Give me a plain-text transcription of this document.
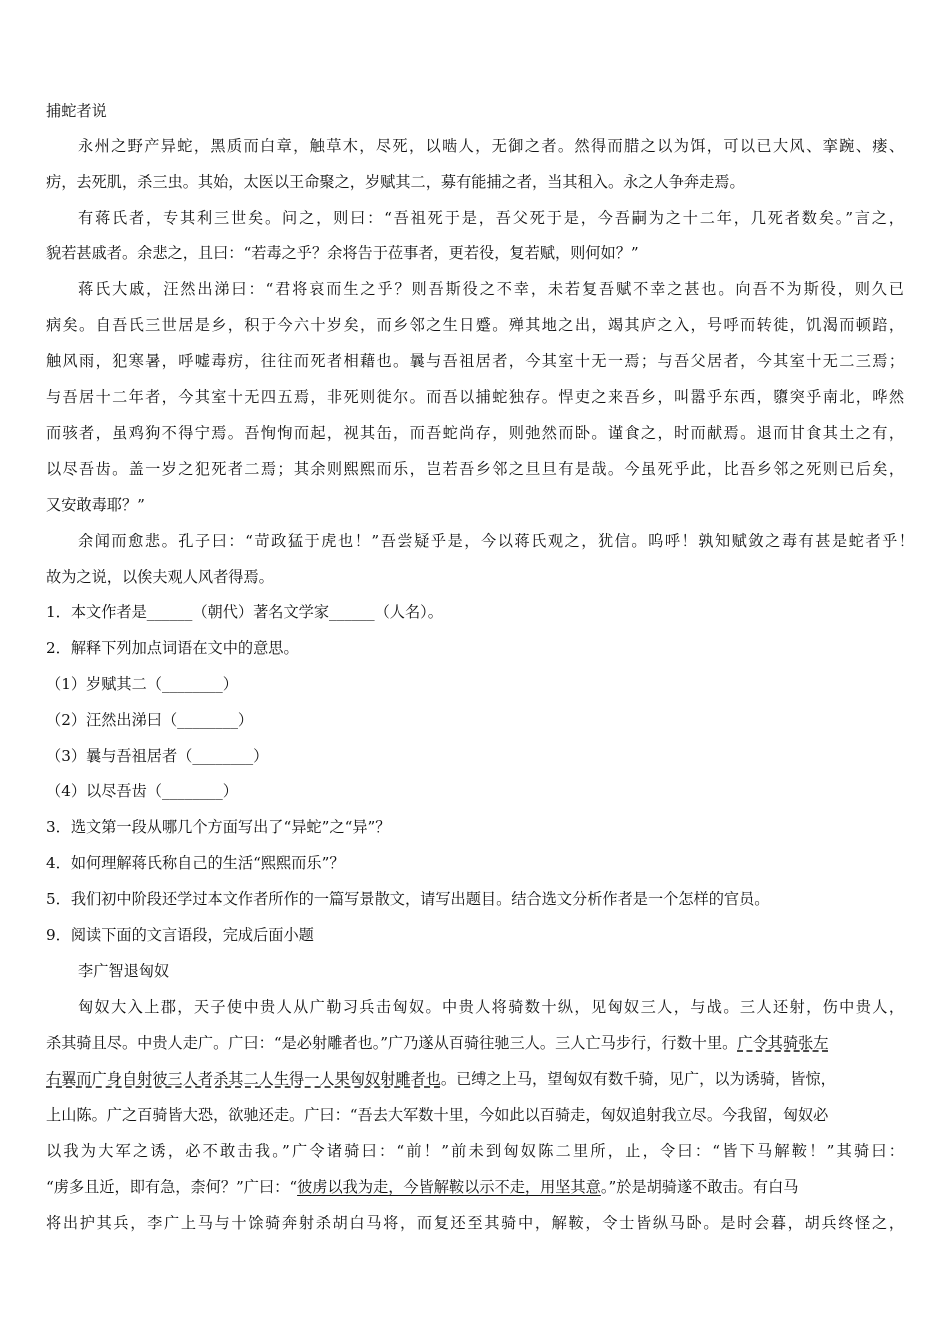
捕蛇者说
永州之野产异蛇，黑质而白章，触草木，尽死，以啮人，无御之者。然得而腊之以为饵，可以已大风、挛踠、瘘、
疠，去死肌，杀三虫。其始，太医以王命聚之，岁赋其二，募有能捕之者，当其租入。永之人争奔走焉。
有蒋氏者，专其利三世矣。问之，则曰：“吾祖死于是，吾父死于是，今吾嗣为之十二年，几死者数矣。”言之，
貌若甚戚者。余悲之，且曰：“若毒之乎？余将告于莅事者，更若役，复若赋，则何如？”
蒋氏大戚，汪然出涕曰：“君将哀而生之乎？则吾斯役之不幸，未若复吾赋不幸之甚也。向吾不为斯役，则久已
病矣。自吾氏三世居是乡，积于今六十岁矣，而乡邻之生日蹙。殚其地之出，竭其庐之入，号呼而转徙，饥渴而顿踣，
触风雨，犯寒暑，呼嘘毒疠，往往而死者相藉也。曩与吾祖居者，今其室十无一焉；与吾父居者，今其室十无二三焉；
与吾居十二年者，今其室十无四五焉，非死则徙尔。而吾以捕蛇独存。悍吏之来吾乡，叫嚣乎东西，隳突乎南北，哗然
而骇者，虽鸡狗不得宁焉。吾恂恂而起，视其缶，而吾蛇尚存，则弛然而卧。谨食之，时而献焉。退而甘食其土之有，
以尽吾齿。盖一岁之犯死者二焉；其余则熙熙而乐，岂若吾乡邻之旦旦有是哉。今虽死乎此，比吾乡邻之死则已后矣，
又安敢毒耶？”
余闻而愈悲。孔子曰：“苛政猛于虎也！”吾尝疑乎是，今以蒋氏观之，犹信。呜呼！孰知赋敛之毒有甚是蛇者乎！
故为之说，以俟夫观人风者得焉。
1．本文作者是______（朝代）著名文学家______（人名）。
2．解释下列加点词语在文中的意思。
（1）岁赋其二（________）
（2）汪然出涕曰（________）
（3）曩与吾祖居者（________）
（4）以尽吾齿（________）
3．选文第一段从哪几个方面写出了“异蛇”之“异”？
4．如何理解蒋氏称自己的生活“熙熙而乐”？
5．我们初中阶段还学过本文作者所作的一篇写景散文，请写出题目。结合选文分析作者是一个怎样的官员。
9．阅读下面的文言语段，完成后面小题
李广智退匈奴
匈奴大入上郡，天子使中贵人从广勒习兵击匈奴。中贵人将骑数十纵，见匈奴三人，与战。三人还射，伤中贵人，
杀其骑且尽。中贵人走广。广曰：“是必射雕者也。”广乃遂从百骑往驰三人。三人亡马步行，行数十里。广令其骑张左
右翼而广身自射彼三人者杀其二人生得一人果匈奴射雕者也。已缚之上马，望匈奴有数千骑，见广，以为诱骑，皆惊，
上山陈。广之百骑皆大恐，欲驰还走。广曰：“吾去大军数十里，今如此以百骑走，匈奴追射我立尽。今我留，匈奴必
以我为大军之诱，必不敢击我。”广令诸骑曰：“前！”前未到匈奴陈二里所，止，令曰：“皆下马解鞍！”其骑曰：
“虏多且近，即有急，柰何？”广曰：“彼虏以我为走，今皆解鞍以示不走，用坚其意。”於是胡骑遂不敢击。有白马
将出护其兵，李广上马与十馀骑奔射杀胡白马将，而复还至其骑中，解鞍，令士皆纵马卧。是时会暮，胡兵终怪之，
